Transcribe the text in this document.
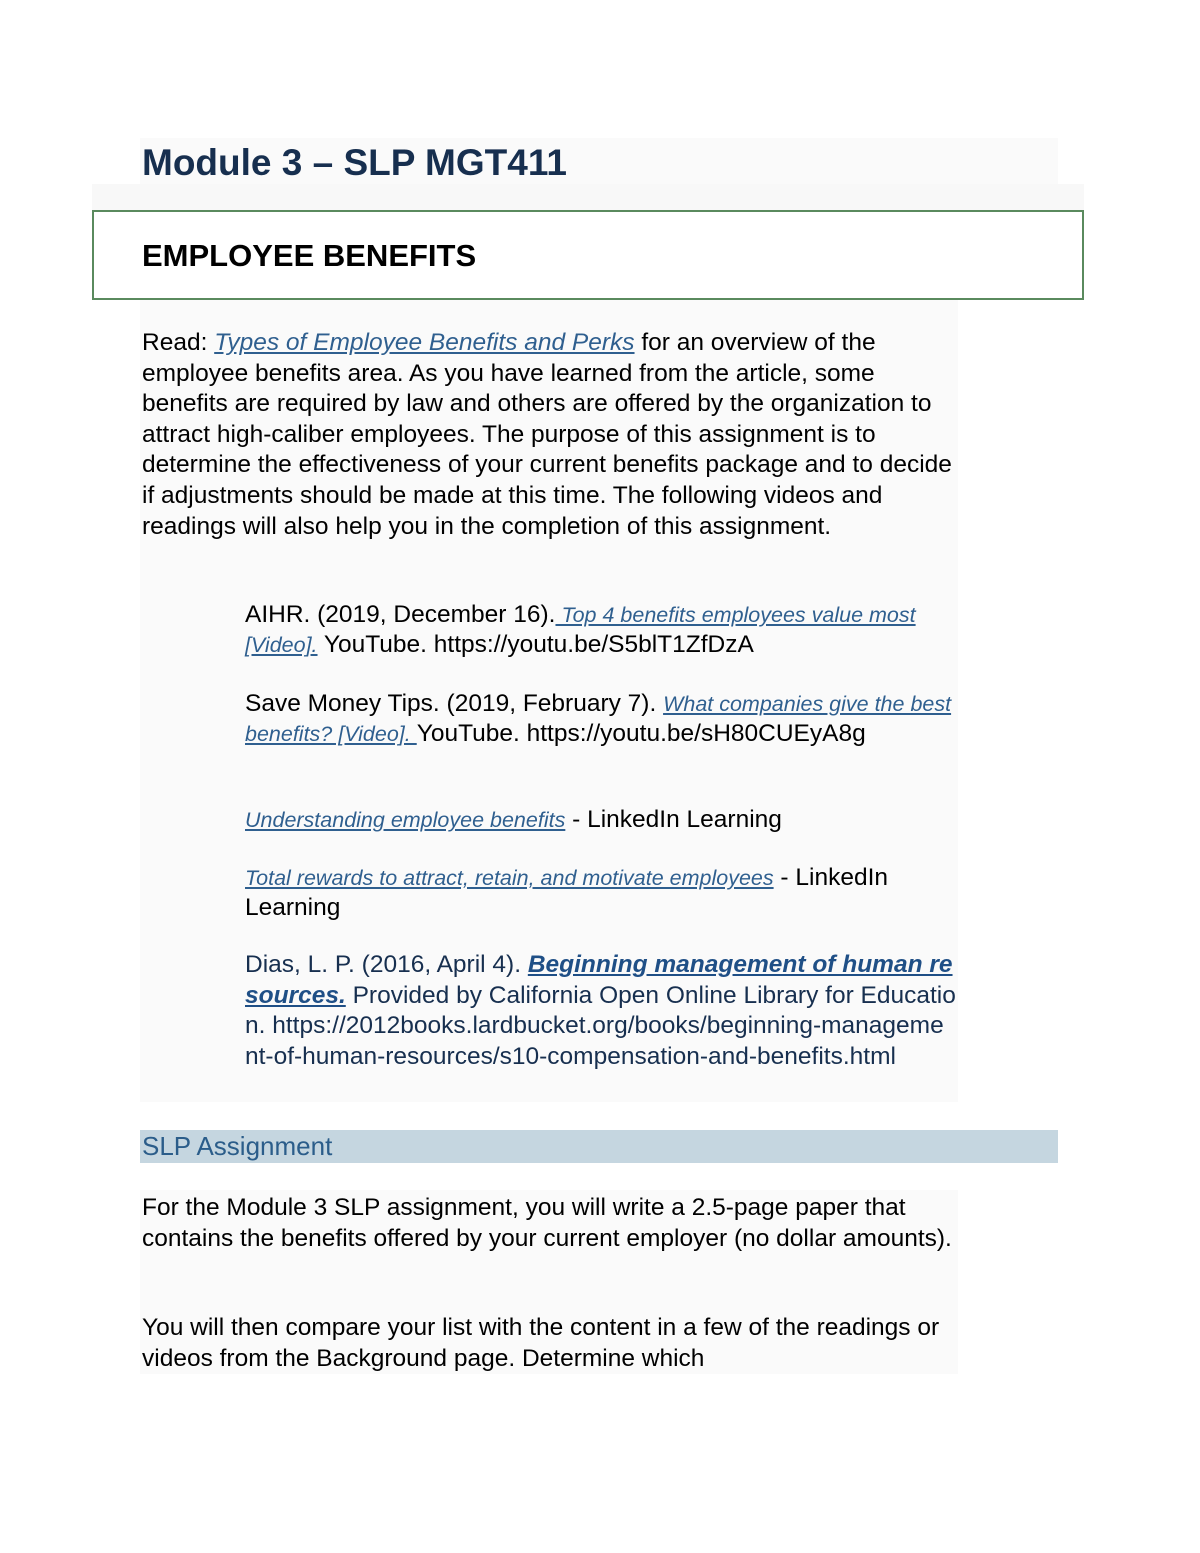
Module 3 – SLP MGT411
EMPLOYEE BENEFITS

Read: Types of Employee Benefits and Perks for an overview of the employee benefits area. As you have learned from the article, some benefits are required by law and others are offered by the organization to attract high-caliber employees. The purpose of this assignment is to determine the effectiveness of your current benefits package and to decide if adjustments should be made at this time. The following videos and readings will also help you in the completion of this assignment.

AIHR. (2019, December 16). Top 4 benefits employees value most [Video]. YouTube. https://youtu.be/S5blT1ZfDzA

Save Money Tips. (2019, February 7). What companies give the best
benefits? [Video]. YouTube. https://youtu.be/sH80CUEyA8g

Understanding employee benefits - LinkedIn Learning

Total rewards to attract, retain, and motivate employees - LinkedIn Learning

Dias, L. P. (2016, April 4). Beginning management of human resources. Provided by California Open Online Library for Education. https://2012books.lardbucket.org/books/beginning-management-of-human-resources/s10-compensation-and-benefits.html

SLP Assignment

For the Module 3 SLP assignment, you will write a 2.5-page paper that contains the benefits offered by your current employer (no dollar amounts).

You will then compare your list with the content in a few of the readings or videos from the Background page. Determine which
